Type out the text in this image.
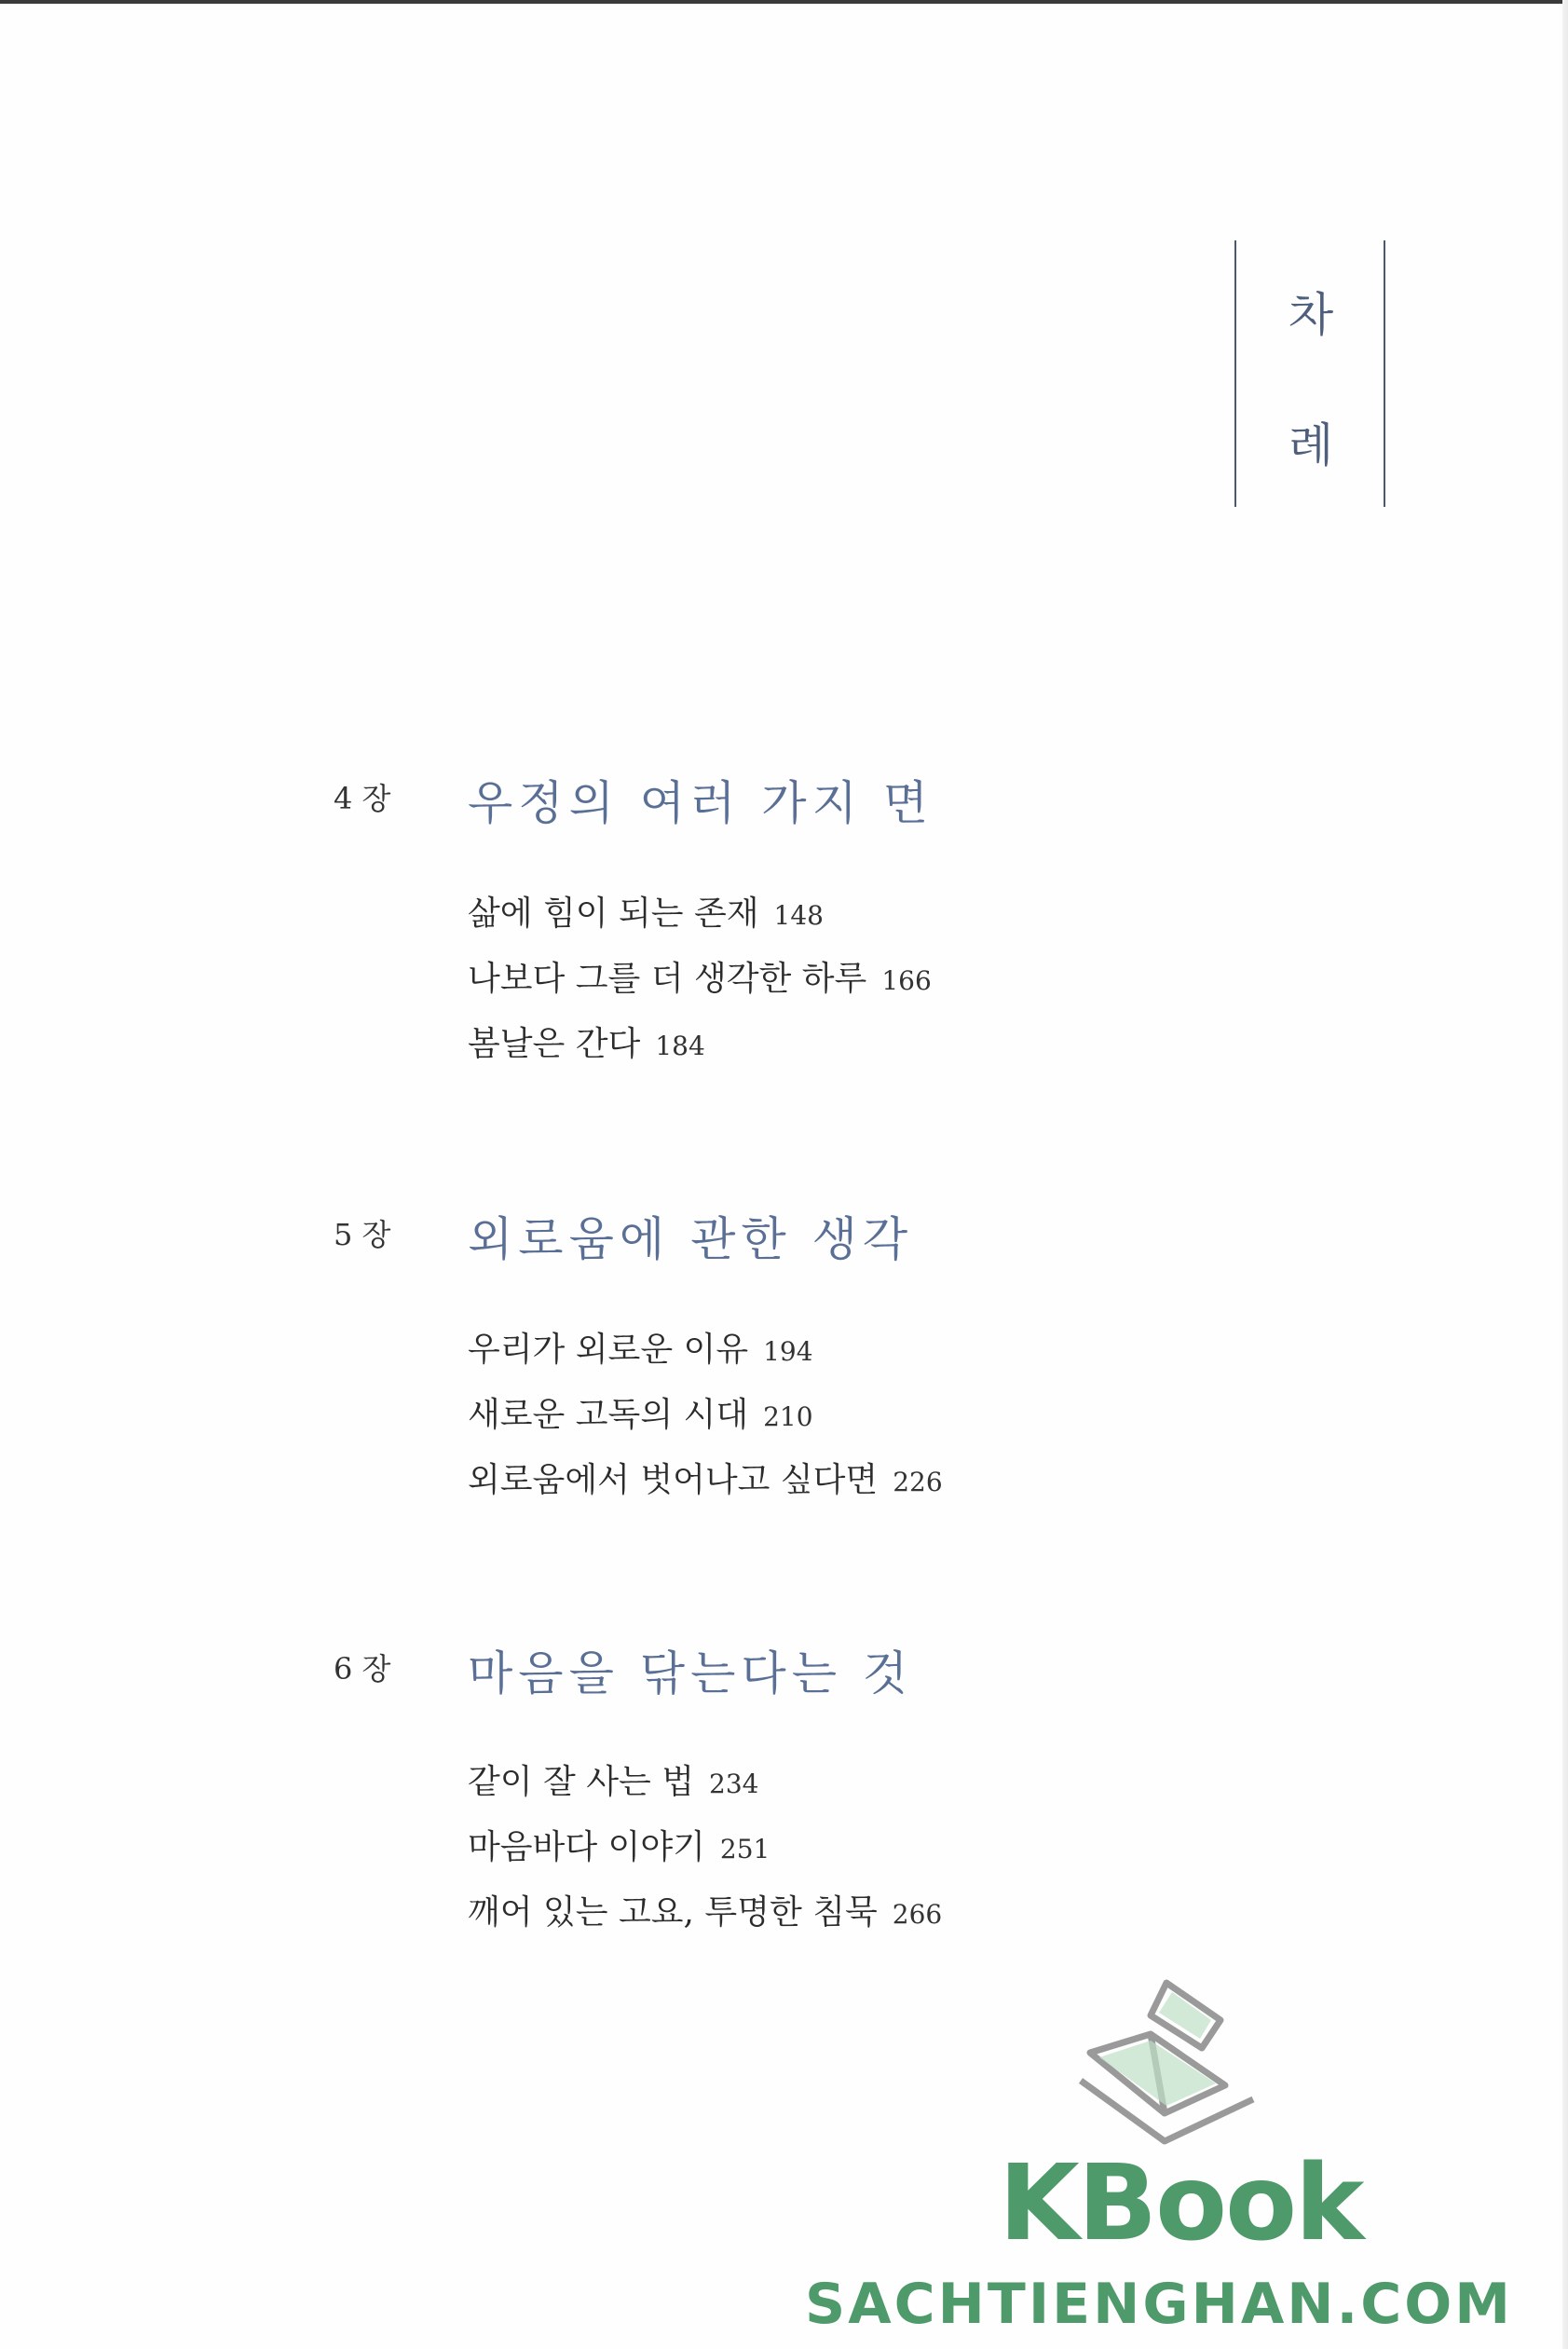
차
례
4 장 우정의 여러 가지 면
삶에 힘이 되는 존재 148
나보다 그를 더 생각한 하루 166
봄날은 간다 184
5 장 외로움에 관한 생각
우리가 외로운 이유 194
새로운 고독의 시대 210
외로움에서 벗어나고 싶다면 226
6 장 마음을 닦는다는 것
같이 잘 사는 법 234
마음바다 이야기 251
깨어 있는 고요, 투명한 침묵 266
KBook
SACHTIENGHAN.COM
